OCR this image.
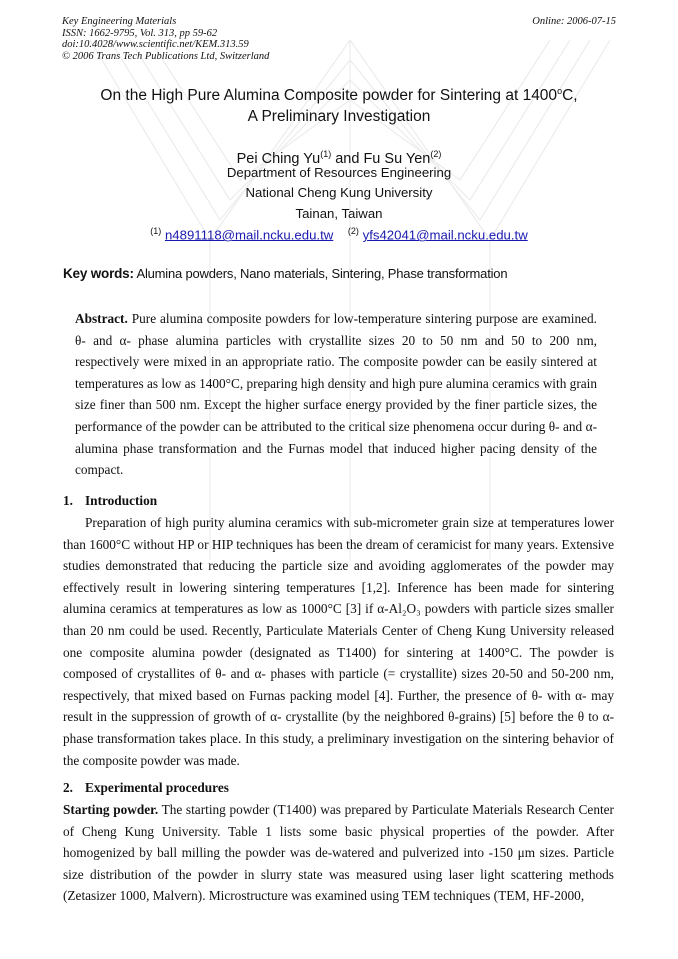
Key Engineering Materials
ISSN: 1662-9795, Vol. 313, pp 59-62
doi:10.4028/www.scientific.net/KEM.313.59
© 2006 Trans Tech Publications Ltd, Switzerland
Online: 2006-07-15
On the High Pure Alumina Composite powder for Sintering at 1400$^o$C,
A Preliminary Investigation
Pei Ching Yu$^{(1)}$ and Fu Su Yen$^{(2)}$
Department of Resources Engineering
National Cheng Kung University
Tainan, Taiwan
$^{(1)}$ n4891118@mail.ncku.edu.tw $^{(2)}$ yfs42041@mail.ncku.edu.tw
Key words: Alumina powders, Nano materials, Sintering, Phase transformation
Abstract. Pure alumina composite powders for low-temperature sintering purpose are examined. θ- and α- phase alumina particles with crystallite sizes 20 to 50 nm and 50 to 200 nm, respectively were mixed in an appropriate ratio. The composite powder can be easily sintered at temperatures as low as 1400°C, preparing high density and high pure alumina ceramics with grain size finer than 500 nm. Except the higher surface energy provided by the finer particle sizes, the performance of the powder can be attributed to the critical size phenomena occur during θ- and α- alumina phase transformation and the Furnas model that induced higher pacing density of the compact.
1. Introduction
Preparation of high purity alumina ceramics with sub-micrometer grain size at temperatures lower than 1600°C without HP or HIP techniques has been the dream of ceramicist for many years. Extensive studies demonstrated that reducing the particle size and avoiding agglomerates of the powder may effectively result in lowering sintering temperatures [1,2]. Inference has been made for sintering alumina ceramics at temperatures as low as 1000°C [3] if α-Al₂O₃ powders with particle sizes smaller than 20 nm could be used. Recently, Particulate Materials Center of Cheng Kung University released one composite alumina powder (designated as T1400) for sintering at 1400°C. The powder is composed of crystallites of θ- and α- phases with particle (= crystallite) sizes 20-50 and 50-200 nm, respectively, that mixed based on Furnas packing model [4]. Further, the presence of θ- with α- may result in the suppression of growth of α- crystallite (by the neighbored θ-grains) [5] before the θ to α- phase transformation takes place. In this study, a preliminary investigation on the sintering behavior of the composite powder was made.
2. Experimental procedures
Starting powder. The starting powder (T1400) was prepared by Particulate Materials Research Center of Cheng Kung University. Table 1 lists some basic physical properties of the powder. After homogenized by ball milling the powder was de-watered and pulverized into -150 μm sizes. Particle size distribution of the powder in slurry state was measured using laser light scattering methods (Zetasizer 1000, Malvern). Microstructure was examined using TEM techniques (TEM, HF-2000,
